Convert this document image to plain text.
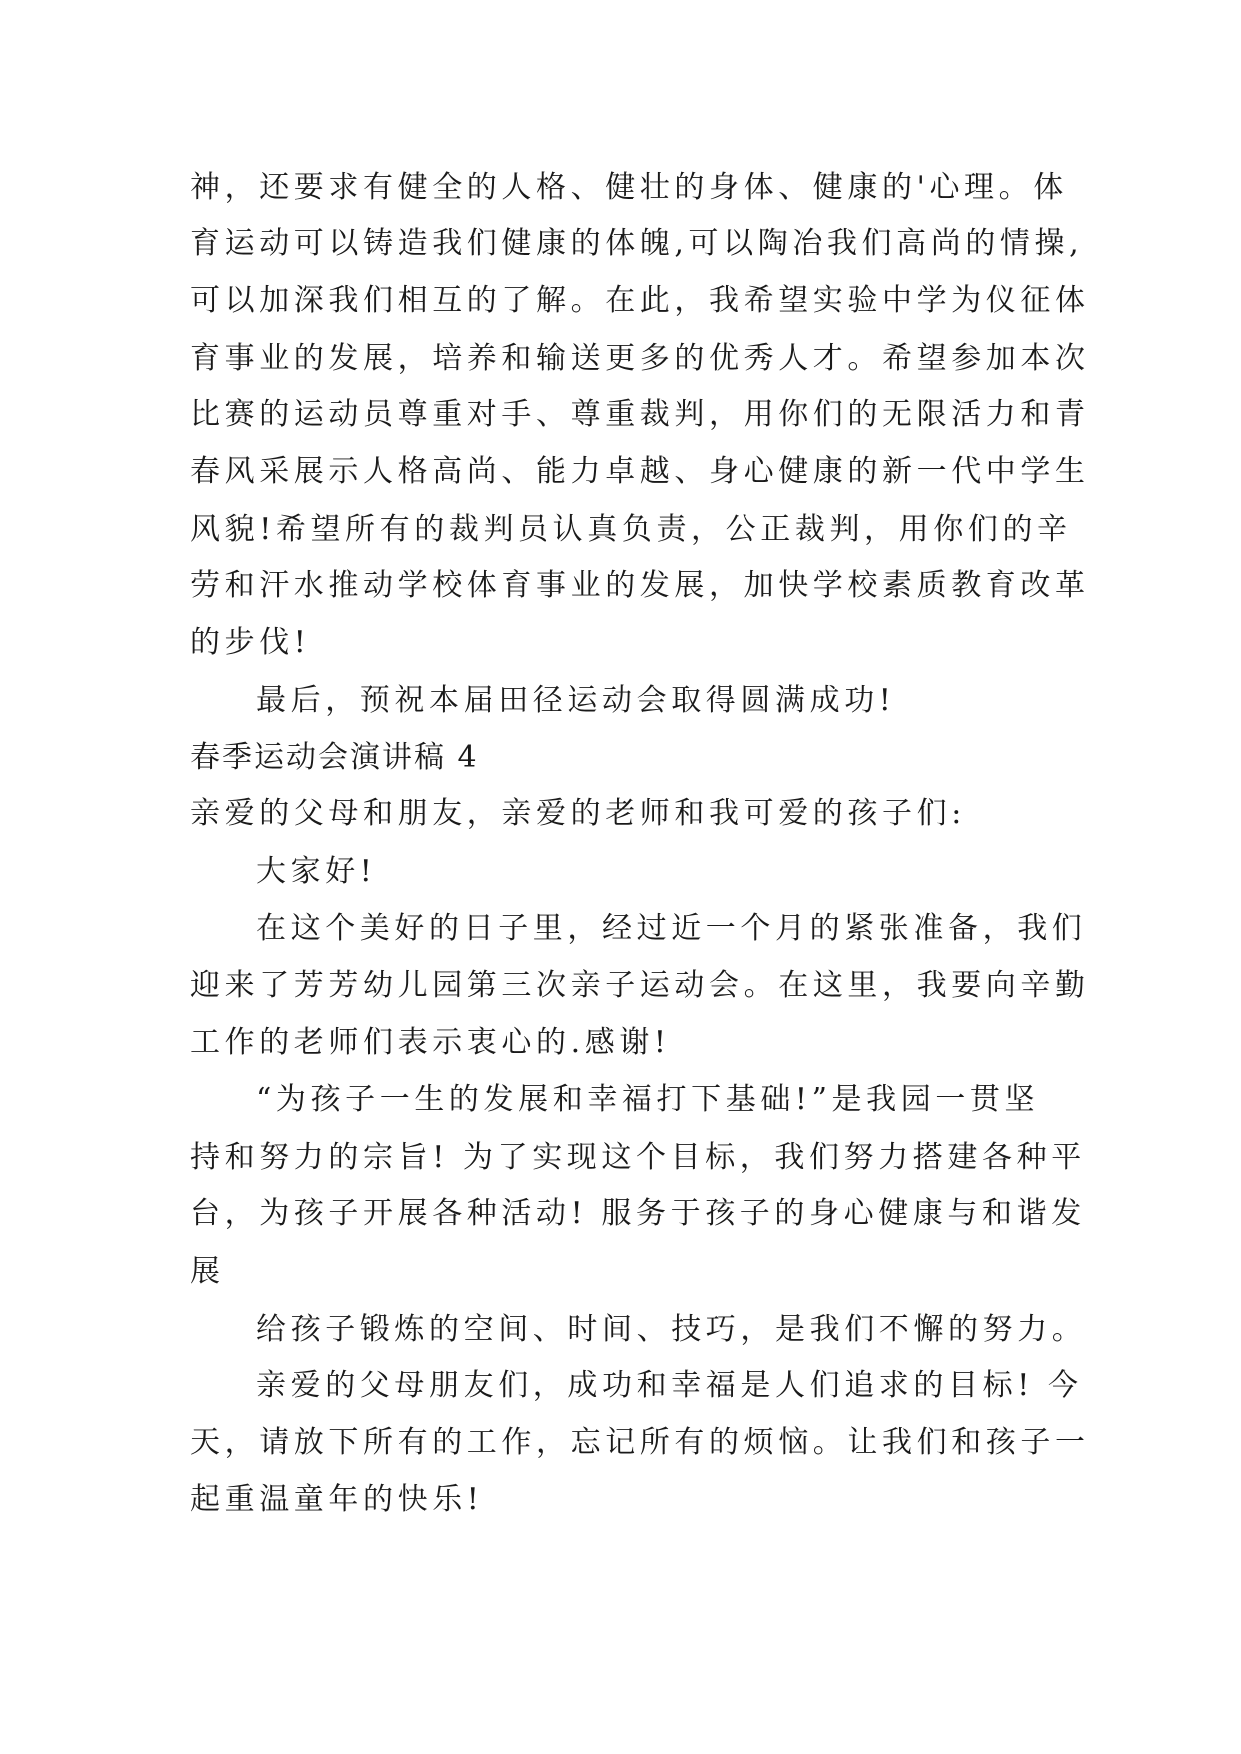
神，还要求有健全的人格、健壮的身体、健康的'心理。体
育运动可以铸造我们健康的体魄,可以陶冶我们高尚的情操,
可以加深我们相互的了解。在此，我希望实验中学为仪征体
育事业的发展，培养和输送更多的优秀人才。希望参加本次
比赛的运动员尊重对手、尊重裁判，用你们的无限活力和青
春风采展示人格高尚、能力卓越、身心健康的新一代中学生
风貌!希望所有的裁判员认真负责，公正裁判，用你们的辛
劳和汗水推动学校体育事业的发展，加快学校素质教育改革
的步伐!
最后，预祝本届田径运动会取得圆满成功!
春季运动会演讲稿 4
亲爱的父母和朋友，亲爱的老师和我可爱的孩子们:
大家好!
在这个美好的日子里，经过近一个月的紧张准备，我们
迎来了芳芳幼儿园第三次亲子运动会。在这里，我要向辛勤
工作的老师们表示衷心的.感谢!
“为孩子一生的发展和幸福打下基础!”是我园一贯坚
持和努力的宗旨! 为了实现这个目标，我们努力搭建各种平
台，为孩子开展各种活动! 服务于孩子的身心健康与和谐发
展
给孩子锻炼的空间、时间、技巧，是我们不懈的努力。
亲爱的父母朋友们，成功和幸福是人们追求的目标! 今
天，请放下所有的工作，忘记所有的烦恼。让我们和孩子一
起重温童年的快乐!
